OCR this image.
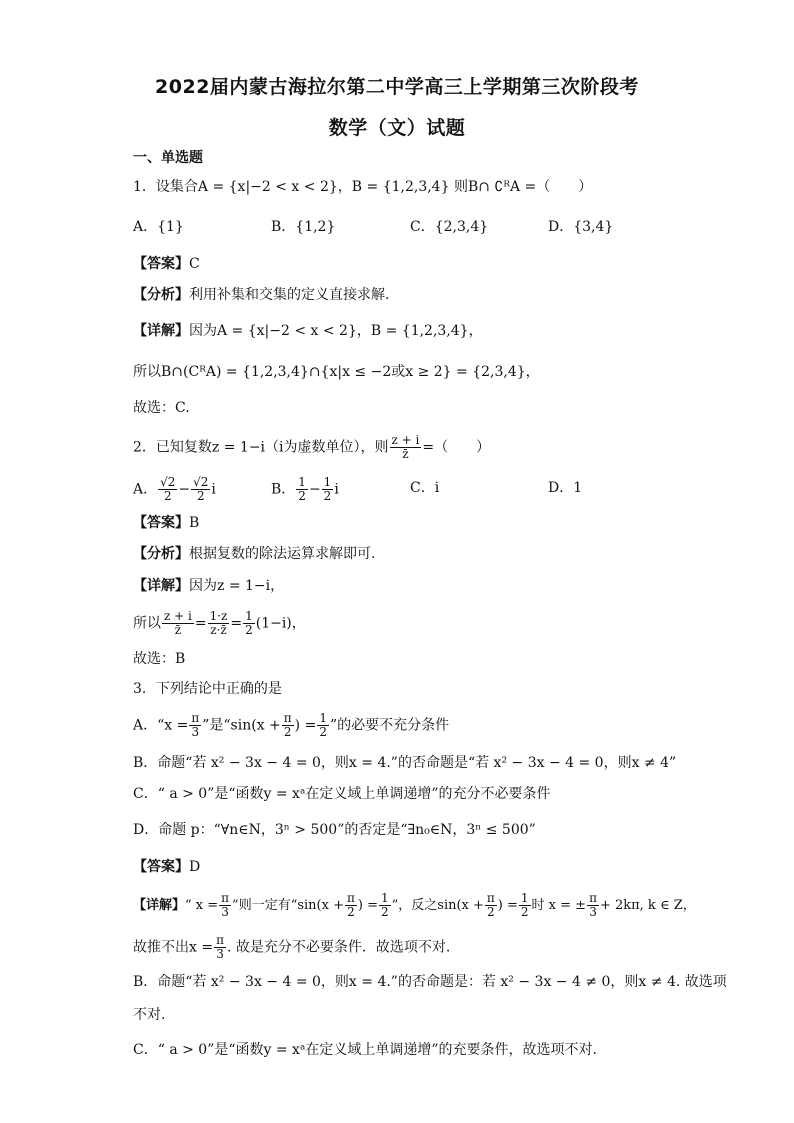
2022届内蒙古海拉尔第二中学高三上学期第三次阶段考
数学（文）试题
一、单选题
1．设集合A = {x|−2 < x < 2}，B = {1,2,3,4} 则B∩ ∁ᴿA =（　　）
A．{1}	B．{1,2}	C．{2,3,4}	D．{3,4}
【答案】C
【分析】利用补集和交集的定义直接求解.
【详解】因为A = {x|−2 < x < 2}，B = {1,2,3,4}，
所以B∩(CᴿA) = {1,2,3,4}∩{x|x ≤ −2或x ≥ 2} = {2,3,4}，
故选：C.
2．已知复数z = 1−i（i为虚数单位），则 $\frac{z + i}{z̄}$ =（　　）
A． $\frac{√2}{2} - \frac{√2}{2}$ i	B． $\frac{1}{2} - \frac{1}{2}$ i	C．i	D．1
【答案】B
【分析】根据复数的除法运算求解即可.
【详解】因为z = 1−i，
所以 $\frac{z + i}{z̄} = \frac{1\cdot z}{z\cdot z̄} = \frac{1}{2} (1-i)$，
故选：B
3．下列结论中正确的是
A．“$x = \frac{\pi}{3}$ ”是“$\sin(x + \frac{\pi}{2}$ ) = $\frac{1}{2}$ ”的必要不充分条件
B．命题“若 x² − 3x − 4 = 0，则x = 4.”的否命题是“若 x² − 3x − 4 = 0，则x ≠ 4”
C．“ a > 0”是“函数y = xᵃ在定义域上单调递增”的充分不必要条件
D．命题 p：“∀n∈N，3ⁿ > 500”的否定是“∃n₀∈N，3ⁿ ≤ 500”
【答案】D
【详解】“ $x = \frac{\pi}{3}$ ”则一定有“$\sin(x + \frac{\pi}{2}$ ) = $\frac{1}{2}$ ”，反之$\sin(x + \frac{\pi}{2}$ ) = $\frac{1}{2}$ 时 x = ± $\frac{\pi}{3} + 2k\pi$, k ∈ Z，
故推不出$x = \frac{\pi}{3}$ . 故是充分不必要条件．故选项不对.
B．命题“若 x² − 3x − 4 = 0，则x = 4.”的否命题是：若 x² − 3x − 4 ≠ 0，则x ≠ 4. 故选项
不对.
C．“ a > 0”是“函数y = xᵃ在定义域上单调递增”的充要条件，故选项不对.
